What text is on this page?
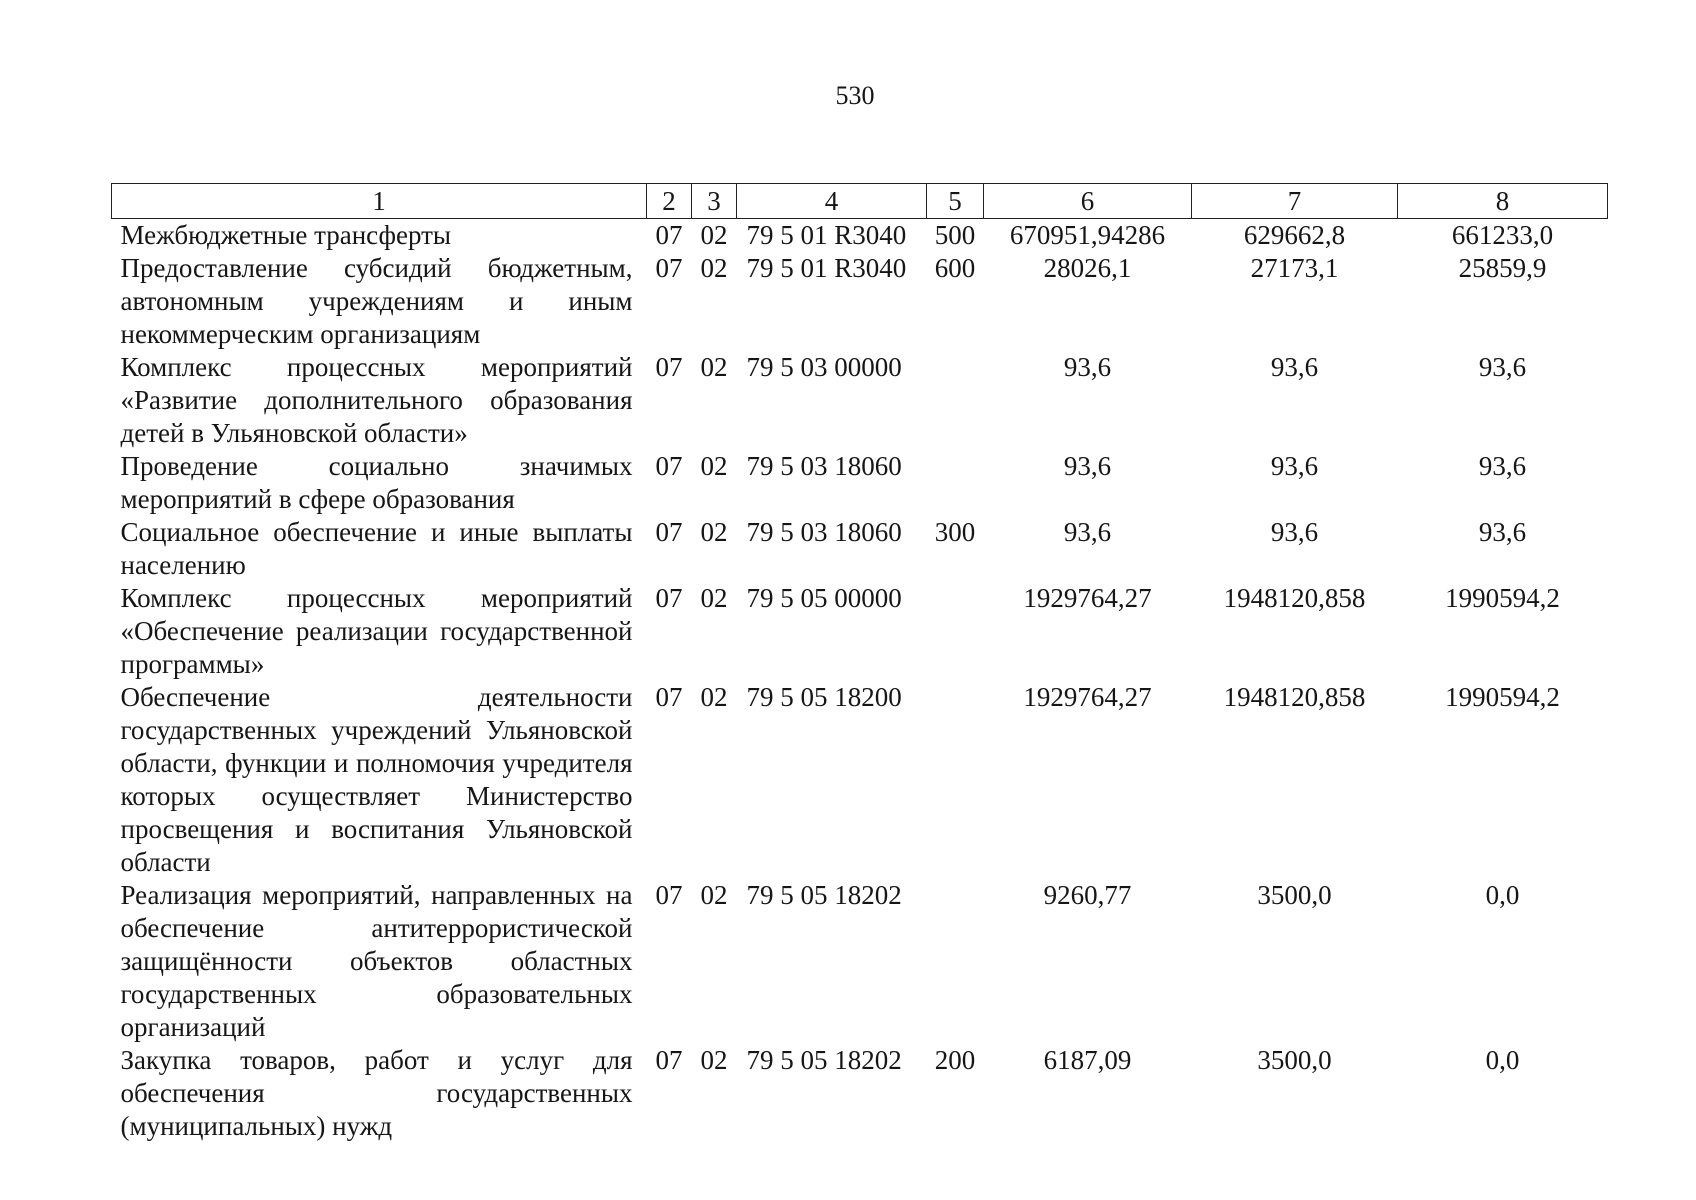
530
1	2	3	4	5	6	7	8
Межбюджетные трансферты	07	02	79 5 01 R3040	500	670951,94286	629662,8	661233,0
Предоставление субсидий бюджетным, автономным учреждениям и иным некоммерческим организациям	07	02	79 5 01 R3040	600	28026,1	27173,1	25859,9
Комплекс процессных мероприятий «Развитие дополнительного образования детей в Ульяновской области»	07	02	79 5 03 00000		93,6	93,6	93,6
Проведение социально значимых мероприятий в сфере образования	07	02	79 5 03 18060		93,6	93,6	93,6
Социальное обеспечение и иные выплаты населению	07	02	79 5 03 18060	300	93,6	93,6	93,6
Комплекс процессных мероприятий «Обеспечение реализации государственной программы»	07	02	79 5 05 00000		1929764,27	1948120,858	1990594,2
Обеспечение деятельности государственных учреждений Ульяновской области, функции и полномочия учредителя которых осуществляет Министерство просвещения и воспитания Ульяновской области	07	02	79 5 05 18200		1929764,27	1948120,858	1990594,2
Реализация мероприятий, направленных на обеспечение антитеррористической защищённости объектов областных государственных образовательных организаций	07	02	79 5 05 18202		9260,77	3500,0	0,0
Закупка товаров, работ и услуг для обеспечения государственных (муниципальных) нужд	07	02	79 5 05 18202	200	6187,09	3500,0	0,0
